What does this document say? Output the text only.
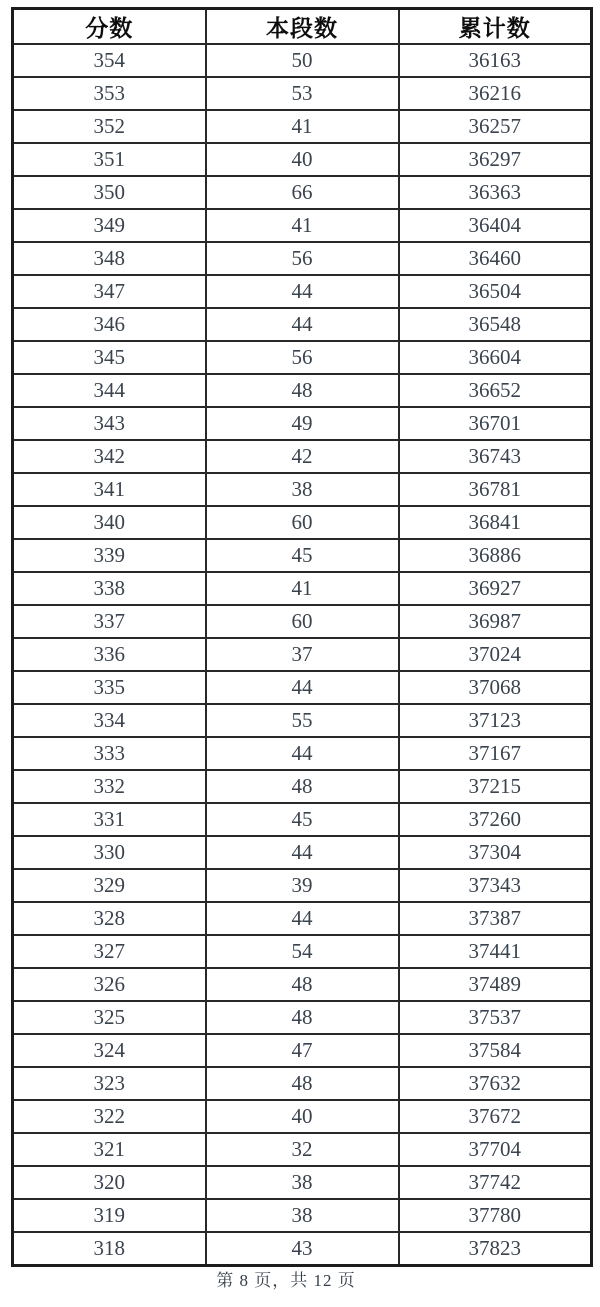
分数	本段数	累计数
354	50	36163
353	53	36216
352	41	36257
351	40	36297
350	66	36363
349	41	36404
348	56	36460
347	44	36504
346	44	36548
345	56	36604
344	48	36652
343	49	36701
342	42	36743
341	38	36781
340	60	36841
339	45	36886
338	41	36927
337	60	36987
336	37	37024
335	44	37068
334	55	37123
333	44	37167
332	48	37215
331	45	37260
330	44	37304
329	39	37343
328	44	37387
327	54	37441
326	48	37489
325	48	37537
324	47	37584
323	48	37632
322	40	37672
321	32	37704
320	38	37742
319	38	37780
318	43	37823
第 8 页，共 12 页
